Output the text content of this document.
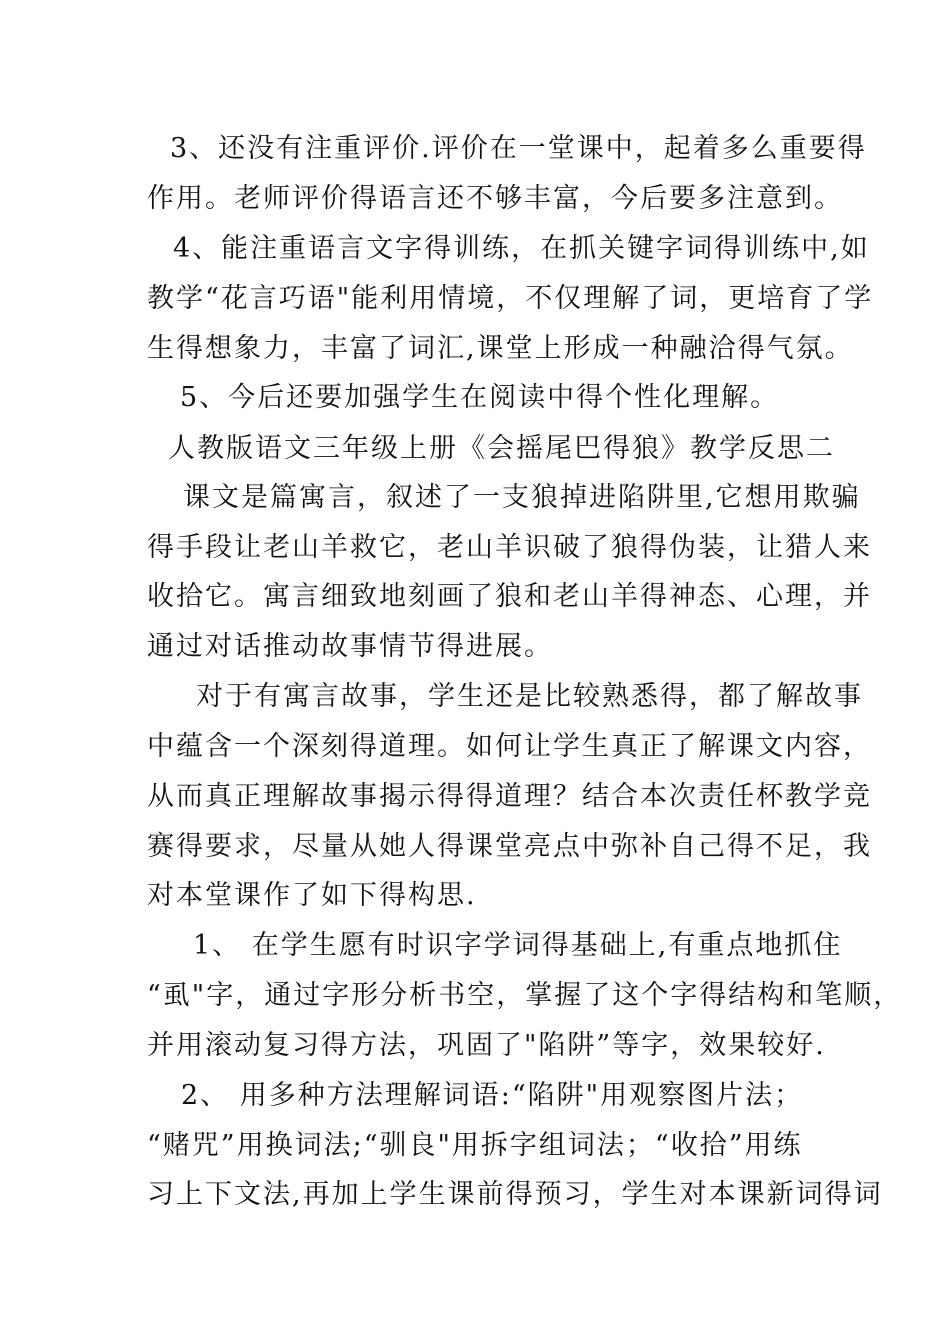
3、还没有注重评价.评价在一堂课中，起着多么重要得
作用。老师评价得语言还不够丰富，今后要多注意到。
4、能注重语言文字得训练，在抓关键字词得训练中,如
教学“花言巧语"能利用情境，不仅理解了词，更培育了学
生得想象力，丰富了词汇,课堂上形成一种融洽得气氛。
5、今后还要加强学生在阅读中得个性化理解。
人教版语文三年级上册《会摇尾巴得狼》教学反思二
课文是篇寓言，叙述了一支狼掉进陷阱里,它想用欺骗
得手段让老山羊救它，老山羊识破了狼得伪装，让猎人来
收拾它。寓言细致地刻画了狼和老山羊得神态、心理，并
通过对话推动故事情节得进展。
对于有寓言故事，学生还是比较熟悉得，都了解故事
中蕴含一个深刻得道理。如何让学生真正了解课文内容，
从而真正理解故事揭示得得道理？结合本次责任杯教学竞
赛得要求，尽量从她人得课堂亮点中弥补自己得不足，我
对本堂课作了如下得构思.
1、 在学生愿有时识字学词得基础上,有重点地抓住
“虱"字，通过字形分析书空，掌握了这个字得结构和笔顺，
并用滚动复习得方法，巩固了"陷阱”等字，效果较好.
2、 用多种方法理解词语:“陷阱"用观察图片法；
“赌咒”用换词法;“驯良"用拆字组词法；“收拾”用练
习上下文法,再加上学生课前得预习，学生对本课新词得词
